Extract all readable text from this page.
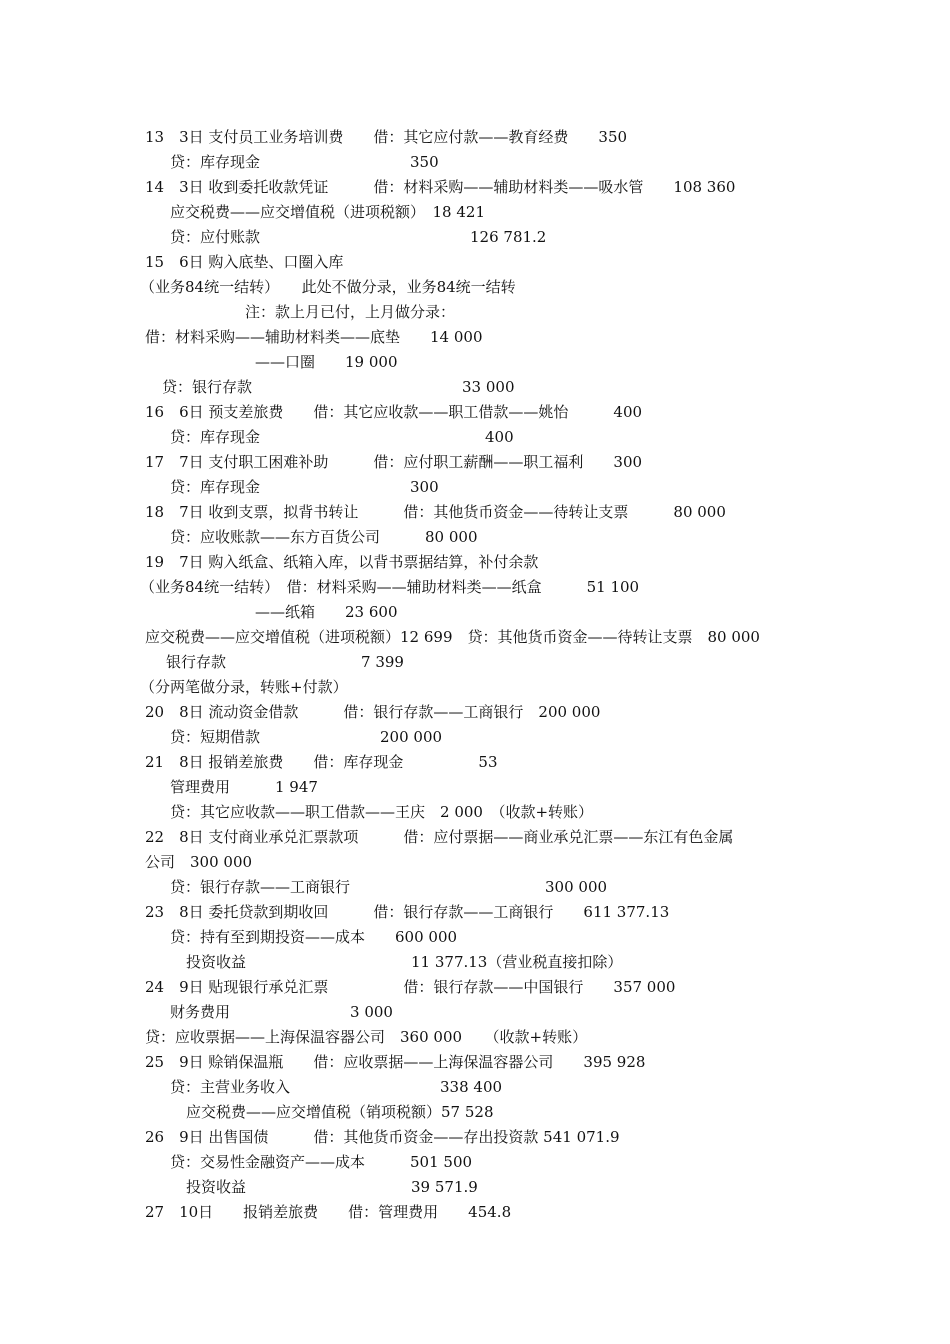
13　3日 支付员工业务培训费　　借：其它应付款——教育经费　　350

贷：库存现金　　　　　　　　　　350

14　3日 收到委托收款凭证　　　借：材料采购——辅助材料类——吸水管　　108 360

应交税费——应交增值税（进项税额）　18 421

贷：应付账款　　　　　　　　　　　　　　126 781.2

15　6日 购入底垫、口圈入库

（业务84统一结转）　　此处不做分录，业务84统一结转

注：款上月已付，上月做分录：

借：材料采购——辅助材料类——底垫　　14 000

——口圈　　19 000

贷：银行存款　　　　　　　　　　　　　　33 000

16　6日 预支差旅费　　借：其它应收款——职工借款——姚怡　　　400

贷：库存现金　　　　　　　　　　　　　　　400

17　7日 支付职工困难补助　　　借：应付职工薪酬——职工福利　　300

贷：库存现金　　　　　　　　　　300

18　7日 收到支票，拟背书转让　　　借：其他货币资金——待转让支票　　　80 000

贷：应收账款——东方百货公司　　　80 000

19　7日 购入纸盒、纸箱入库，以背书票据结算，补付余款

（业务84统一结转）　借：材料采购——辅助材料类——纸盒　　　51 100

——纸箱　　23 600

应交税费——应交增值税（进项税额）12 699　贷：其他货币资金——待转让支票　80 000

银行存款　　　　　　　　　7 399

（分两笔做分录，转账+付款）

20　8日 流动资金借款　　　借：银行存款——工商银行　200 000

贷：短期借款　　　　　　　　200 000

21　8日 报销差旅费　　借：库存现金　　　　　53

管理费用　　　1 947

贷：其它应收款——职工借款——王庆　2 000　（收款+转账）

22　8日 支付商业承兑汇票款项　　　借：应付票据——商业承兑汇票——东江有色金属

公司　300 000

贷：银行存款——工商银行　　　　　　　　　　　　　300 000

23　8日 委托贷款到期收回　　　借：银行存款——工商银行　　611 377.13

贷：持有至到期投资——成本　　600 000

投资收益　　　　　　　　　　　11 377.13（营业税直接扣除）

24　9日 贴现银行承兑汇票　　　　　借：银行存款——中国银行　　357 000

财务费用　　　　　　　　3 000

贷：应收票据——上海保温容器公司　360 000　　（收款+转账）

25　9日 赊销保温瓶　　借：应收票据——上海保温容器公司　　395 928

贷：主营业务收入　　　　　　　　　　338 400

应交税费——应交增值税（销项税额）57 528

26　9日 出售国债　　　借：其他货币资金——存出投资款 541 071.9

贷：交易性金融资产——成本　　　501 500

投资收益　　　　　　　　　　　39 571.9

27　10日　　报销差旅费　　借：管理费用　　454.8
